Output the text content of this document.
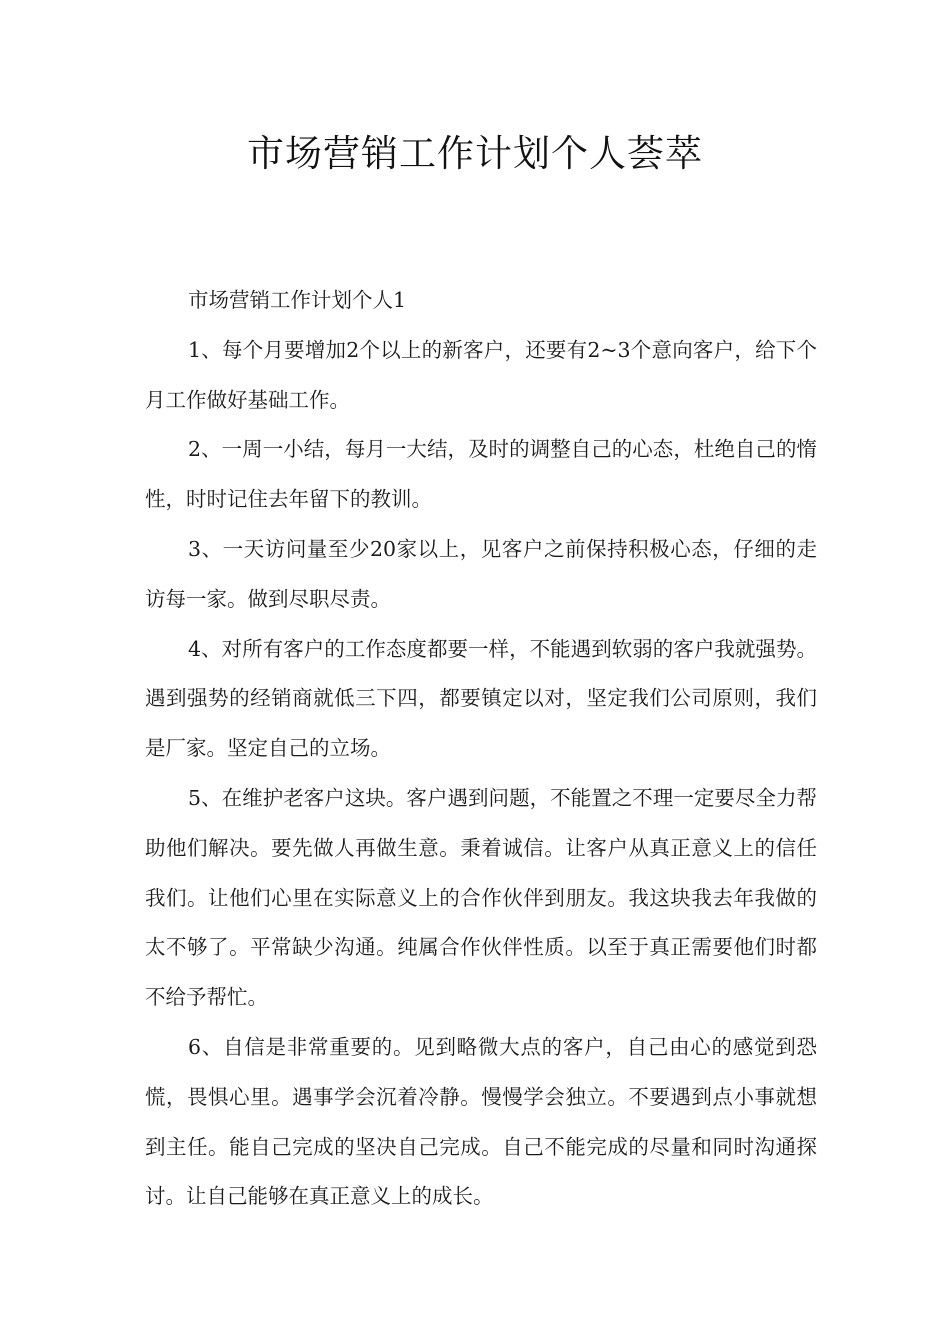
市场营销工作计划个人荟萃

市场营销工作计划个人1

1、每个月要增加2个以上的新客户，还要有2~3个意向客户，给下个月工作做好基础工作。

2、一周一小结，每月一大结，及时的调整自己的心态，杜绝自己的惰性，时时记住去年留下的教训。

3、一天访问量至少20家以上，见客户之前保持积极心态，仔细的走访每一家。做到尽职尽责。

4、对所有客户的工作态度都要一样，不能遇到软弱的客户我就强势。遇到强势的经销商就低三下四，都要镇定以对，坚定我们公司原则，我们是厂家。坚定自己的立场。

5、在维护老客户这块。客户遇到问题，不能置之不理一定要尽全力帮助他们解决。要先做人再做生意。秉着诚信。让客户从真正意义上的信任我们。让他们心里在实际意义上的合作伙伴到朋友。我这块我去年我做的太不够了。平常缺少沟通。纯属合作伙伴性质。以至于真正需要他们时都不给予帮忙。

6、自信是非常重要的。见到略微大点的客户，自己由心的感觉到恐慌，畏惧心里。遇事学会沉着冷静。慢慢学会独立。不要遇到点小事就想到主任。能自己完成的坚决自己完成。自己不能完成的尽量和同时沟通探讨。让自己能够在真正意义上的成长。
